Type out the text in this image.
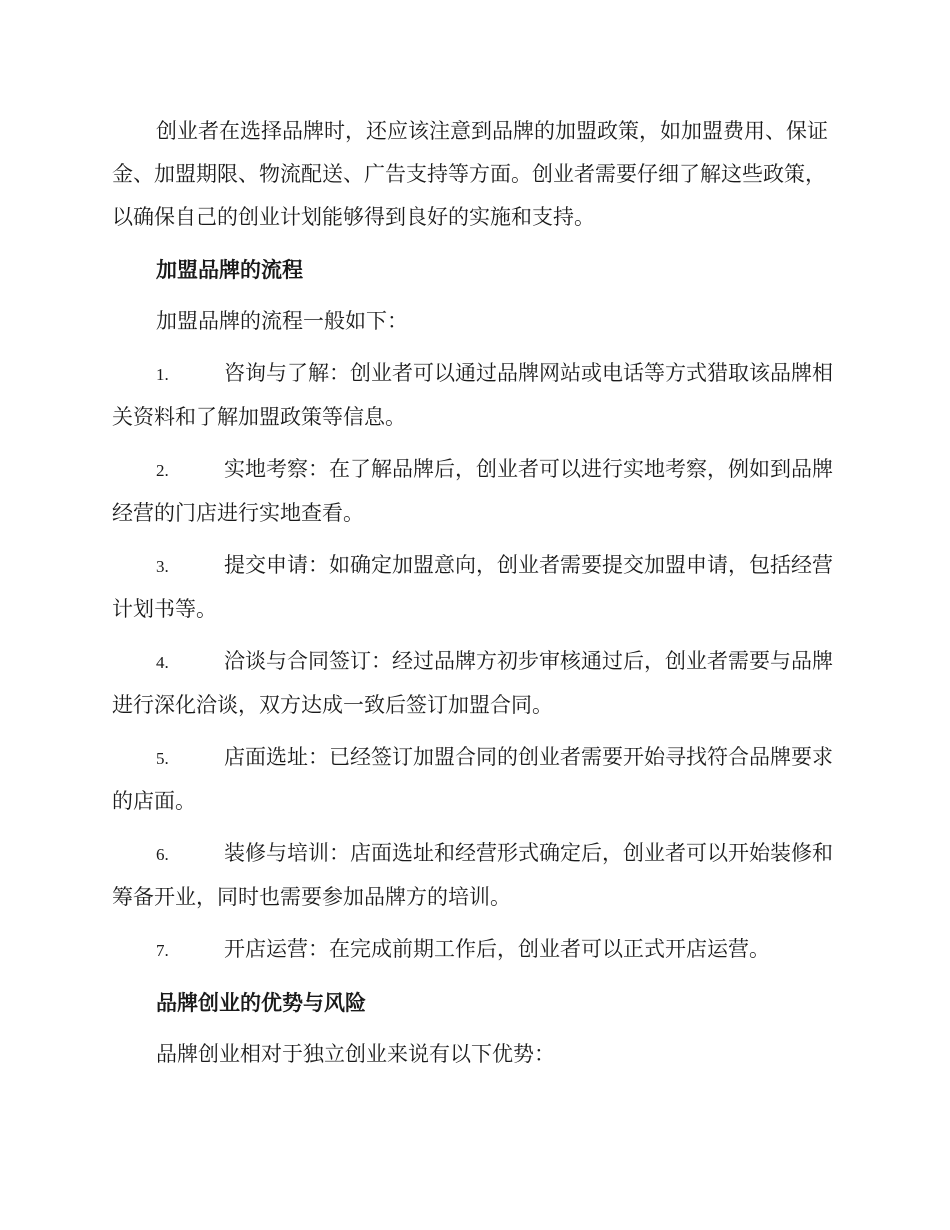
创业者在选择品牌时，还应该注意到品牌的加盟政策，如加盟费用、保证金、加盟期限、物流配送、广告支持等方面。创业者需要仔细了解这些政策，以确保自己的创业计划能够得到良好的实施和支持。

加盟品牌的流程

加盟品牌的流程一般如下：

1.	咨询与了解：创业者可以通过品牌网站或电话等方式猎取该品牌相关资料和了解加盟政策等信息。

2.	实地考察：在了解品牌后，创业者可以进行实地考察，例如到品牌经营的门店进行实地查看。

3.	提交申请：如确定加盟意向，创业者需要提交加盟申请，包括经营计划书等。

4.	洽谈与合同签订：经过品牌方初步审核通过后，创业者需要与品牌进行深化洽谈，双方达成一致后签订加盟合同。

5.	店面选址：已经签订加盟合同的创业者需要开始寻找符合品牌要求的店面。

6.	装修与培训：店面选址和经营形式确定后，创业者可以开始装修和筹备开业，同时也需要参加品牌方的培训。

7.	开店运营：在完成前期工作后，创业者可以正式开店运营。

品牌创业的优势与风险

品牌创业相对于独立创业来说有以下优势：
